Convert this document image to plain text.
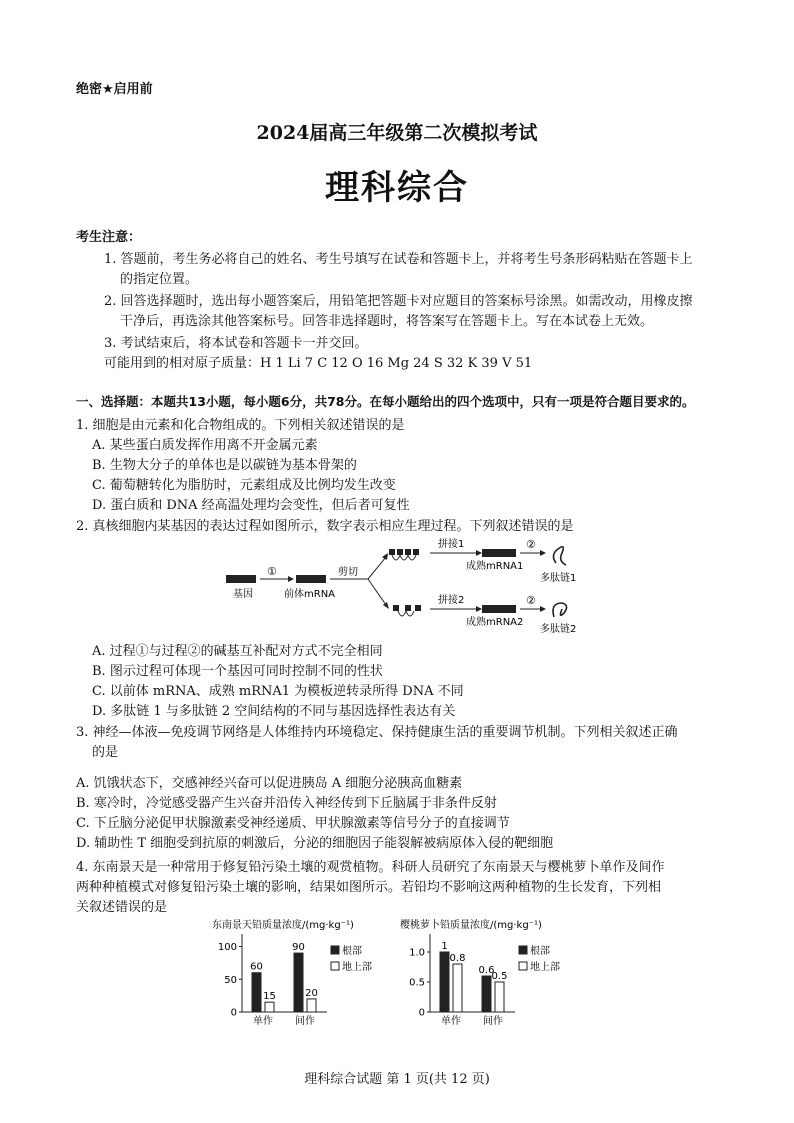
绝密★启用前
2024届高三年级第二次模拟考试
理科综合
考生注意：
1. 答题前，考生务必将自己的姓名、考生号填写在试卷和答题卡上，并将考生号条形码粘贴在答题卡上
的指定位置。
2. 回答选择题时，选出每小题答案后，用铅笔把答题卡对应题目的答案标号涂黑。如需改动，用橡皮擦
干净后，再选涂其他答案标号。回答非选择题时，将答案写在答题卡上。写在本试卷上无效。
3. 考试结束后，将本试卷和答题卡一并交回。
可能用到的相对原子质量：H 1 Li 7 C 12 O 16 Mg 24 S 32 K 39 V 51
一、选择题：本题共13小题，每小题6分，共78分。在每小题给出的四个选项中，只有一项是符合题目要求的。
1. 细胞是由元素和化合物组成的。下列相关叙述错误的是
A. 某些蛋白质发挥作用离不开金属元素
B. 生物大分子的单体也是以碳链为基本骨架的
C. 葡萄糖转化为脂肪时，元素组成及比例均发生改变
D. 蛋白质和 DNA 经高温处理均会变性，但后者可复性
2. 真核细胞内某基因的表达过程如图所示，数字表示相应生理过程。下列叙述错误的是
基因
①
前体mRNA
剪切
拼接1
成熟mRNA1
②
多肽链1
拼接2
成熟mRNA2
②
多肽链2
A. 过程①与过程②的碱基互补配对方式不完全相同
B. 图示过程可体现一个基因可同时控制不同的性状
C. 以前体 mRNA、成熟 mRNA1 为模板逆转录所得 DNA 不同
D. 多肽链 1 与多肽链 2 空间结构的不同与基因选择性表达有关
3. 神经—体液—免疫调节网络是人体维持内环境稳定、保持健康生活的重要调节机制。下列相关叙述正确
的是
A. 饥饿状态下，交感神经兴奋可以促进胰岛 A 细胞分泌胰高血糖素
B. 寒冷时，冷觉感受器产生兴奋并沿传入神经传到下丘脑属于非条件反射
C. 下丘脑分泌促甲状腺激素受神经递质、甲状腺激素等信号分子的直接调节
D. 辅助性 T 细胞受到抗原的刺激后，分泌的细胞因子能裂解被病原体入侵的靶细胞
4. 东南景天是一种常用于修复铅污染土壤的观赏植物。科研人员研究了东南景天与樱桃萝卜单作及间作
两种种植模式对修复铅污染土壤的影响，结果如图所示。若铅均不影响这两种植物的生长发育，下列相
关叙述错误的是
东南景天铅质量浓度/(mg·kg⁻¹)
100
50
0
60
15
单作
90
20
间作
根部
地上部
樱桃萝卜铅质量浓度/(mg·kg⁻¹)
1.0
0.5
0
1
0.8
单作
0.6
0.5
间作
根部
地上部
理科综合试题 第 1 页(共 12 页)
